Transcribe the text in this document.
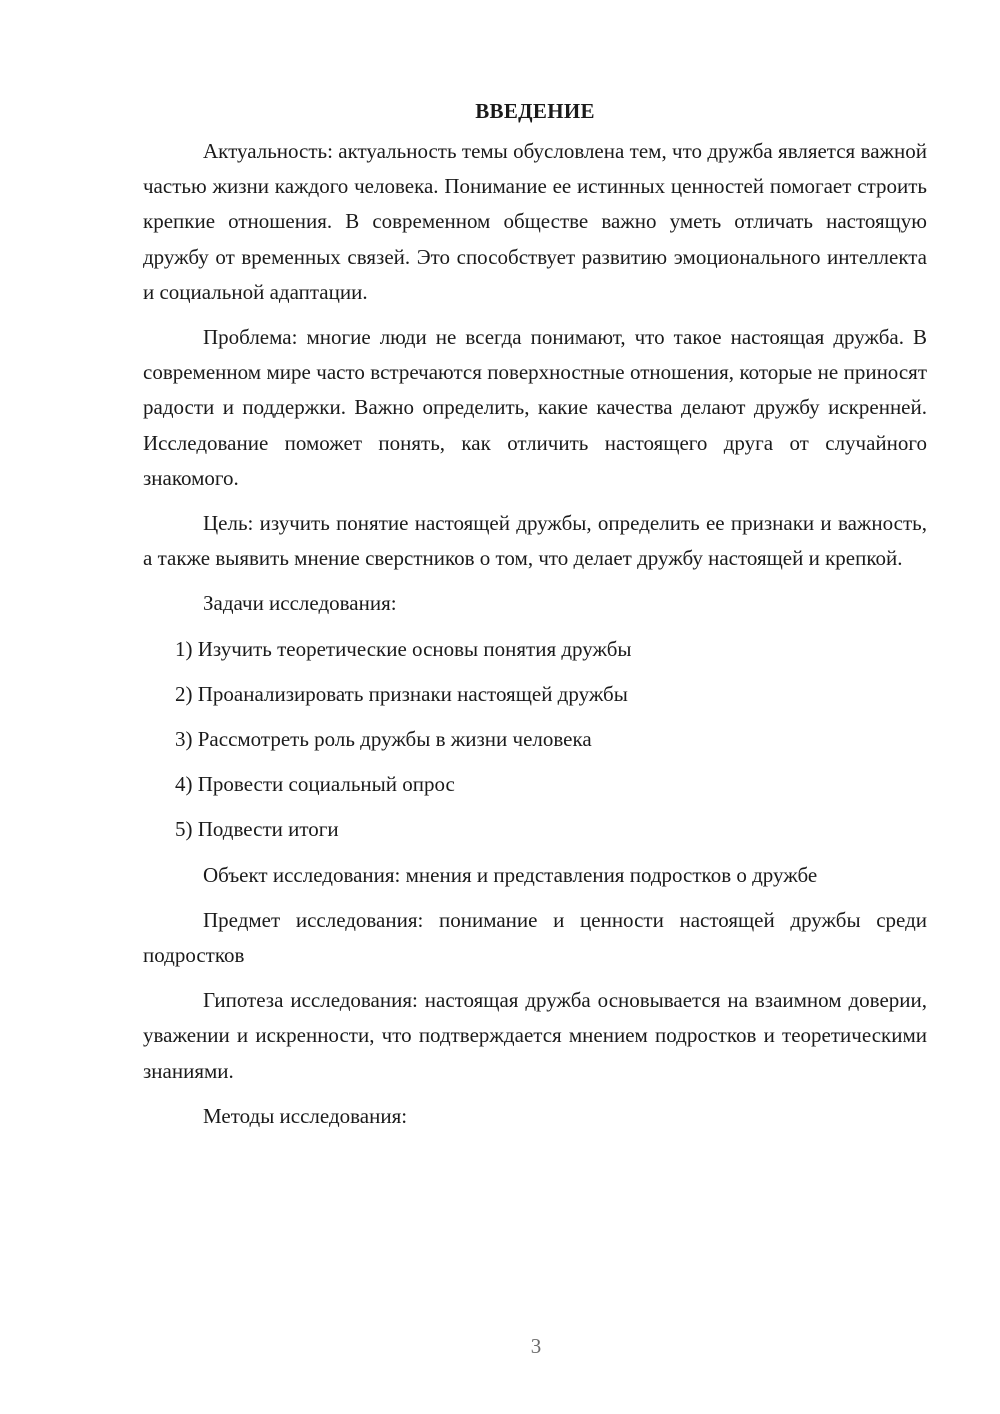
ВВЕДЕНИЕ

Актуальность: актуальность темы обусловлена тем, что дружба является важной частью жизни каждого человека. Понимание ее истинных ценностей помогает строить крепкие отношения. В современном обществе важно уметь отличать настоящую дружбу от временных связей. Это способствует развитию эмоционального интеллекта и социальной адаптации.

Проблема: многие люди не всегда понимают, что такое настоящая дружба. В современном мире часто встречаются поверхностные отношения, которые не приносят радости и поддержки. Важно определить, какие качества делают дружбу искренней. Исследование поможет понять, как отличить настоящего друга от случайного знакомого.

Цель: изучить понятие настоящей дружбы, определить ее признаки и важность, а также выявить мнение сверстников о том, что делает дружбу настоящей и крепкой.

Задачи исследования:

1) Изучить теоретические основы понятия дружбы
2) Проанализировать признаки настоящей дружбы
3) Рассмотреть роль дружбы в жизни человека
4) Провести социальный опрос
5) Подвести итоги

Объект исследования: мнения и представления подростков о дружбе

Предмет исследования: понимание и ценности настоящей дружбы среди подростков

Гипотеза исследования: настоящая дружба основывается на взаимном доверии, уважении и искренности, что подтверждается мнением подростков и теоретическими знаниями.

Методы исследования:

3
